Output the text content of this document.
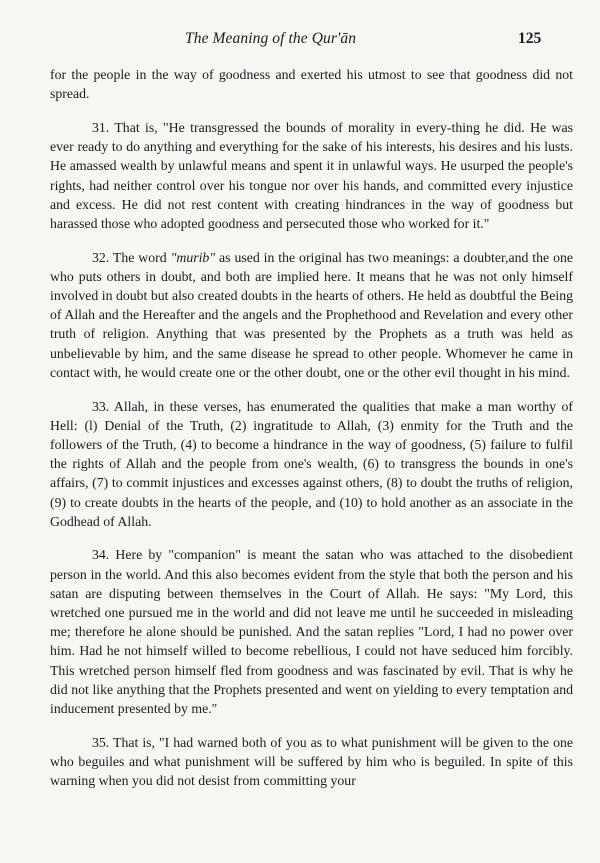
The Meaning of the Qur'ān	125

for the people in the way of goodness and exerted his utmost to see that goodness did not spread.

31. That is, "He transgressed the bounds of morality in every-thing he did. He was ever ready to do anything and everything for the sake of his interests, his desires and his lusts. He amassed wealth by unlawful means and spent it in unlawful ways. He usurped the people's rights, had neither control over his tongue nor over his hands, and committed every injustice and excess. He did not rest content with creating hindrances in the way of goodness but harassed those who adopted goodness and persecuted those who worked for it."

32. The word "murib" as used in the original has two meanings: a doubter,and the one who puts others in doubt, and both are implied here. It means that he was not only himself involved in doubt but also created doubts in the hearts of others. He held as doubtful the Being of Allah and the Hereafter and the angels and the Prophethood and Revelation and every other truth of religion. Anything that was presented by the Prophets as a truth was held as unbelievable by him, and the same disease he spread to other people. Whomever he came in contact with, he would create one or the other doubt, one or the other evil thought in his mind.

33. Allah, in these verses, has enumerated the qualities that make a man worthy of Hell: (l) Denial of the Truth, (2) ingratitude to Allah, (3) enmity for the Truth and the followers of the Truth, (4) to become a hindrance in the way of goodness, (5) failure to fulfil the rights of Allah and the people from one's wealth, (6) to transgress the bounds in one's affairs, (7) to commit injustices and excesses against others, (8) to doubt the truths of religion, (9) to create doubts in the hearts of the people, and (10) to hold another as an associate in the Godhead of Allah.

34. Here by "companion" is meant the satan who was attached to the disobedient person in the world. And this also becomes evident from the style that both the person and his satan are disputing between themselves in the Court of Allah. He says: "My Lord, this wretched one pursued me in the world and did not leave me until he succeeded in misleading me; therefore he alone should be punished. And the satan replies "Lord, I had no power over him. Had he not himself willed to become rebellious, I could not have seduced him forcibly. This wretched person himself fled from goodness and was fascinated by evil. That is why he did not like anything that the Prophets presented and went on yielding to every temptation and inducement presented by me."

35. That is, "I had warned both of you as to what punishment will be given to the one who beguiles and what punishment will be suffered by him who is beguiled. In spite of this warning when you did not desist from committing your
